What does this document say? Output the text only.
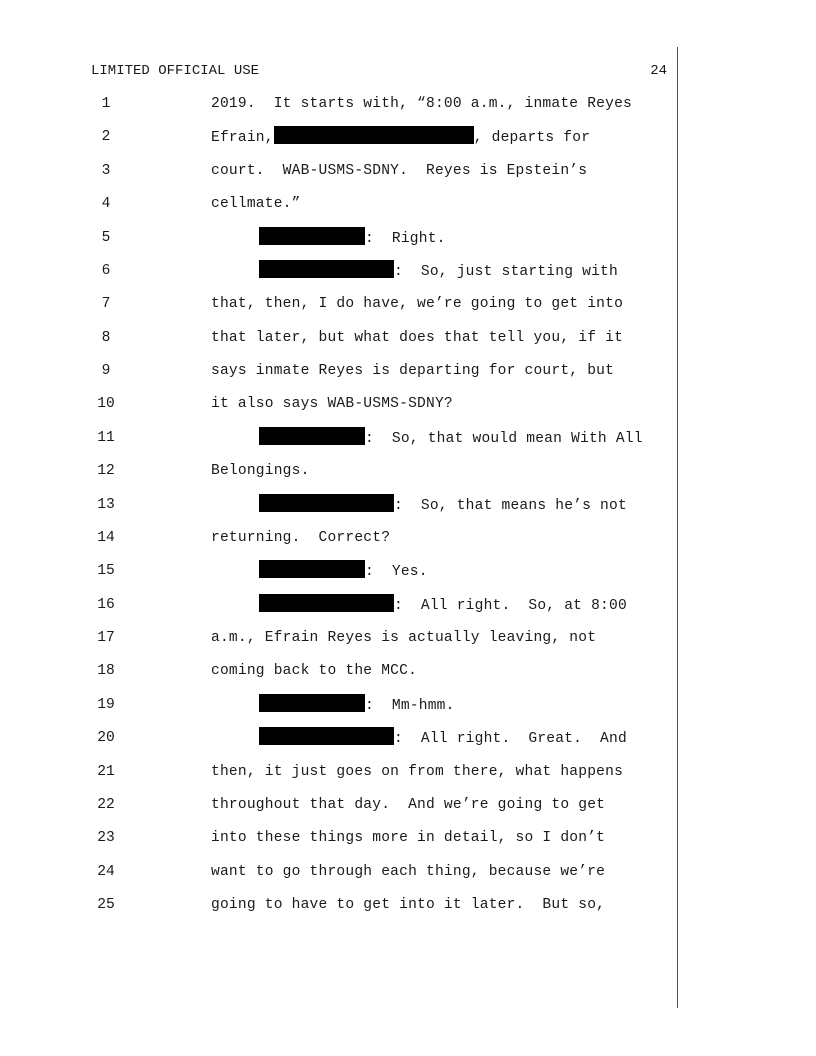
LIMITED OFFICIAL USE	24
1	2019.  It starts with, “8:00 a.m., inmate Reyes
2	Efrain,	, departs for
3	court.  WAB-USMS-SDNY.  Reyes is Epstein’s
4	cellmate.”
5	:  Right.
6	:  So, just starting with
7	that, then, I do have, we’re going to get into
8	that later, but what does that tell you, if it
9	says inmate Reyes is departing for court, but
10	it also says WAB-USMS-SDNY?
11	:  So, that would mean With All
12	Belongings.
13	:  So, that means he’s not
14	returning.  Correct?
15	:  Yes.
16	:  All right.  So, at 8:00
17	a.m., Efrain Reyes is actually leaving, not
18	coming back to the MCC.
19	:  Mm-hmm.
20	:  All right.  Great.  And
21	then, it just goes on from there, what happens
22	throughout that day.  And we’re going to get
23	into these things more in detail, so I don’t
24	want to go through each thing, because we’re
25	going to have to get into it later.  But so,
